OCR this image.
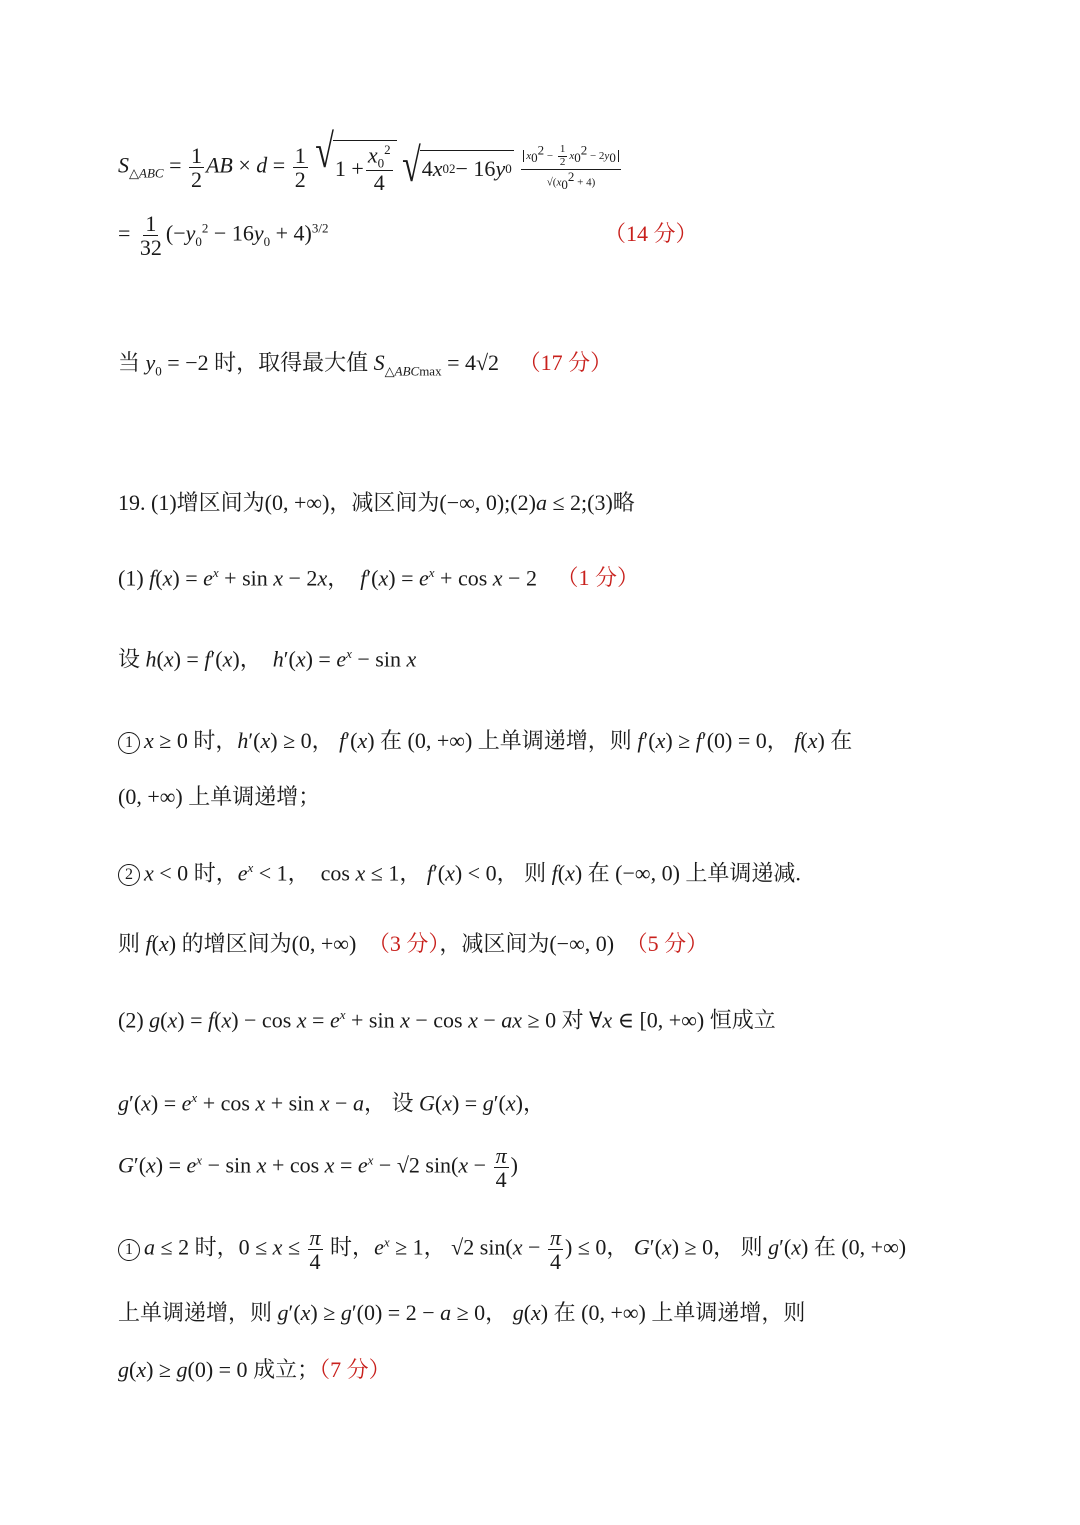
$S_{\triangle ABC} = \frac{1}{2}$ AB × $d = \frac{1}{2}$
√ $1 + \frac{x_0^2}{4}$
√ 4 x 0 2 − 16 y 0
$\frac{x_0^2 - \frac{1}{2} x_0^2 - 2y_0}{√(x_0^2 + 4)}$
= $\frac{1}{32} (-y_0^2 - 16y_0 + 4)^{3/2}$	（14 分）
当 $y_0 = -2$ 时，取得最大值 $S_{\triangle ABCmax} = 4√2$ （17 分）
19. (1)增区间为(0, +∞)，减区间为(−∞, 0);(2)a ≤ 2;(3)略
(1) $f(x) = e^x + \sin x - 2x$，  $f'(x) = e^x + \cos x - 2$ （1 分）
设 h(x) = f′(x)，  $h'(x) = e^x - \sin x$
1 x ≥ 0 时，h′(x) ≥ 0， f′(x) 在 (0, +∞) 上单调递增，则 f′(x) ≥ f′(0) = 0， f(x) 在
(0, +∞) 上单调递增；
2 x < 0 时，$e^x < 1$，  cos x ≤ 1， f′(x) < 0， 则 f(x) 在 (−∞, 0) 上单调递减.
则 f(x) 的增区间为(0, +∞) （3 分），减区间为(−∞, 0) （5 分）
(2) $g(x) = f(x) - \cos x = e^x + \sin x - \cos x$ − ax ≥ 0 对 ∀x ∈ [0, +∞) 恒成立
$g'(x) = e^x + \cos x + \sin x - a$， 设 G(x) = g′(x)，
$G'(x) = e^x - \sin x + \cos x = e^x - √2$ $\sin(x - \frac{\pi}{4}$ )
1 a ≤ 2 时，$0 \le x \le \frac{\pi}{4}$ 时，$e^x \ge 1$， √2 $\sin(x - \frac{\pi}{4}$ ) ≤ 0， G′(x) ≥ 0， 则 g′(x) 在 (0, +∞)
上单调递增，则 g′(x) ≥ g′(0) = 2 − a ≥ 0， g(x) 在 (0, +∞) 上单调递增，则
g(x) ≥ g(0) = 0 成立；（7 分）
